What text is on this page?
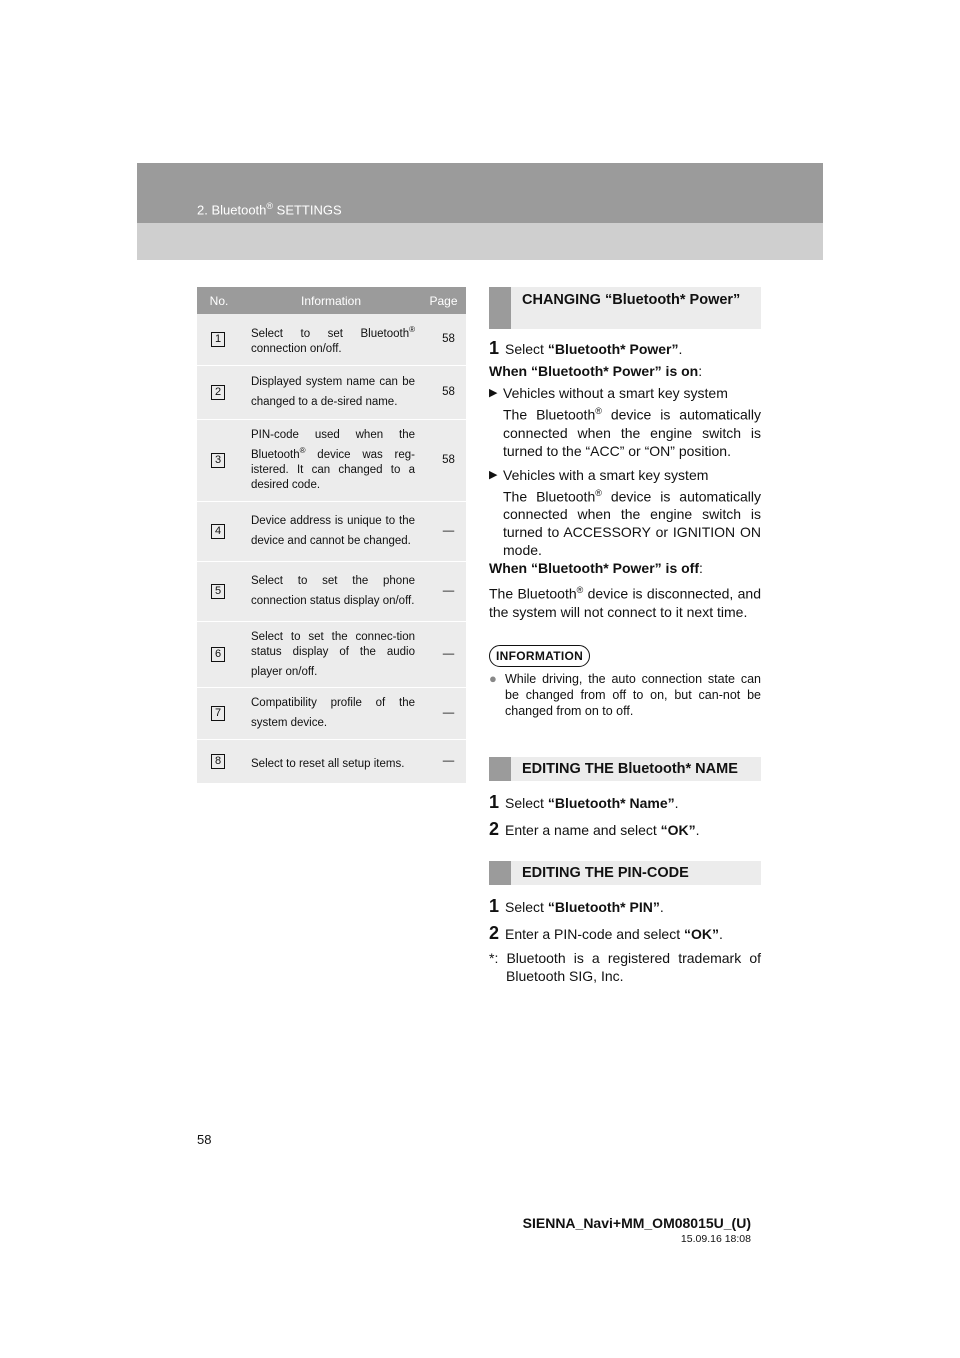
2. Bluetooth® SETTINGS
No.	Information	Page
1	Select to set Bluetooth® connection on/off.	58
2	Displayed system name can be changed to a de-sired name.	58
3	PIN-code used when the Bluetooth® device was reg-istered. It can changed to a desired code.	58
4	Device address is unique to the device and cannot be changed.	—
5	Select to set the phone connection status display on/off.	—
6	Select to set the connec-tion status display of the audio player on/off.	—
7	Compatibility profile of the system device.	—
8	Select to reset all setup items.	—
CHANGING “Bluetooth* Power”

1 Select “Bluetooth* Power”.

When “Bluetooth* Power” is on:

▶ Vehicles without a smart key system
The Bluetooth® device is automatically connected when the engine switch is turned to the “ACC” or “ON” position.
▶ Vehicles with a smart key system
The Bluetooth® device is automatically connected when the engine switch is turned to ACCESSORY or IGNITION ON mode.

When “Bluetooth* Power” is off:

The Bluetooth® device is disconnected, and the system will not connect to it next time.

INFORMATION
● While driving, the auto connection state can be changed from off to on, but can-not be changed from on to off.
EDITING THE Bluetooth* NAME

1 Select “Bluetooth* Name”.

2 Enter a name and select “OK”.

EDITING THE PIN-CODE

1 Select “Bluetooth* PIN”.

2 Enter a PIN-code and select “OK”.

*: Bluetooth is a registered trademark of Bluetooth SIG, Inc.

58
SIENNA_Navi+MM_OM08015U_(U)
15.09.16 18:08
